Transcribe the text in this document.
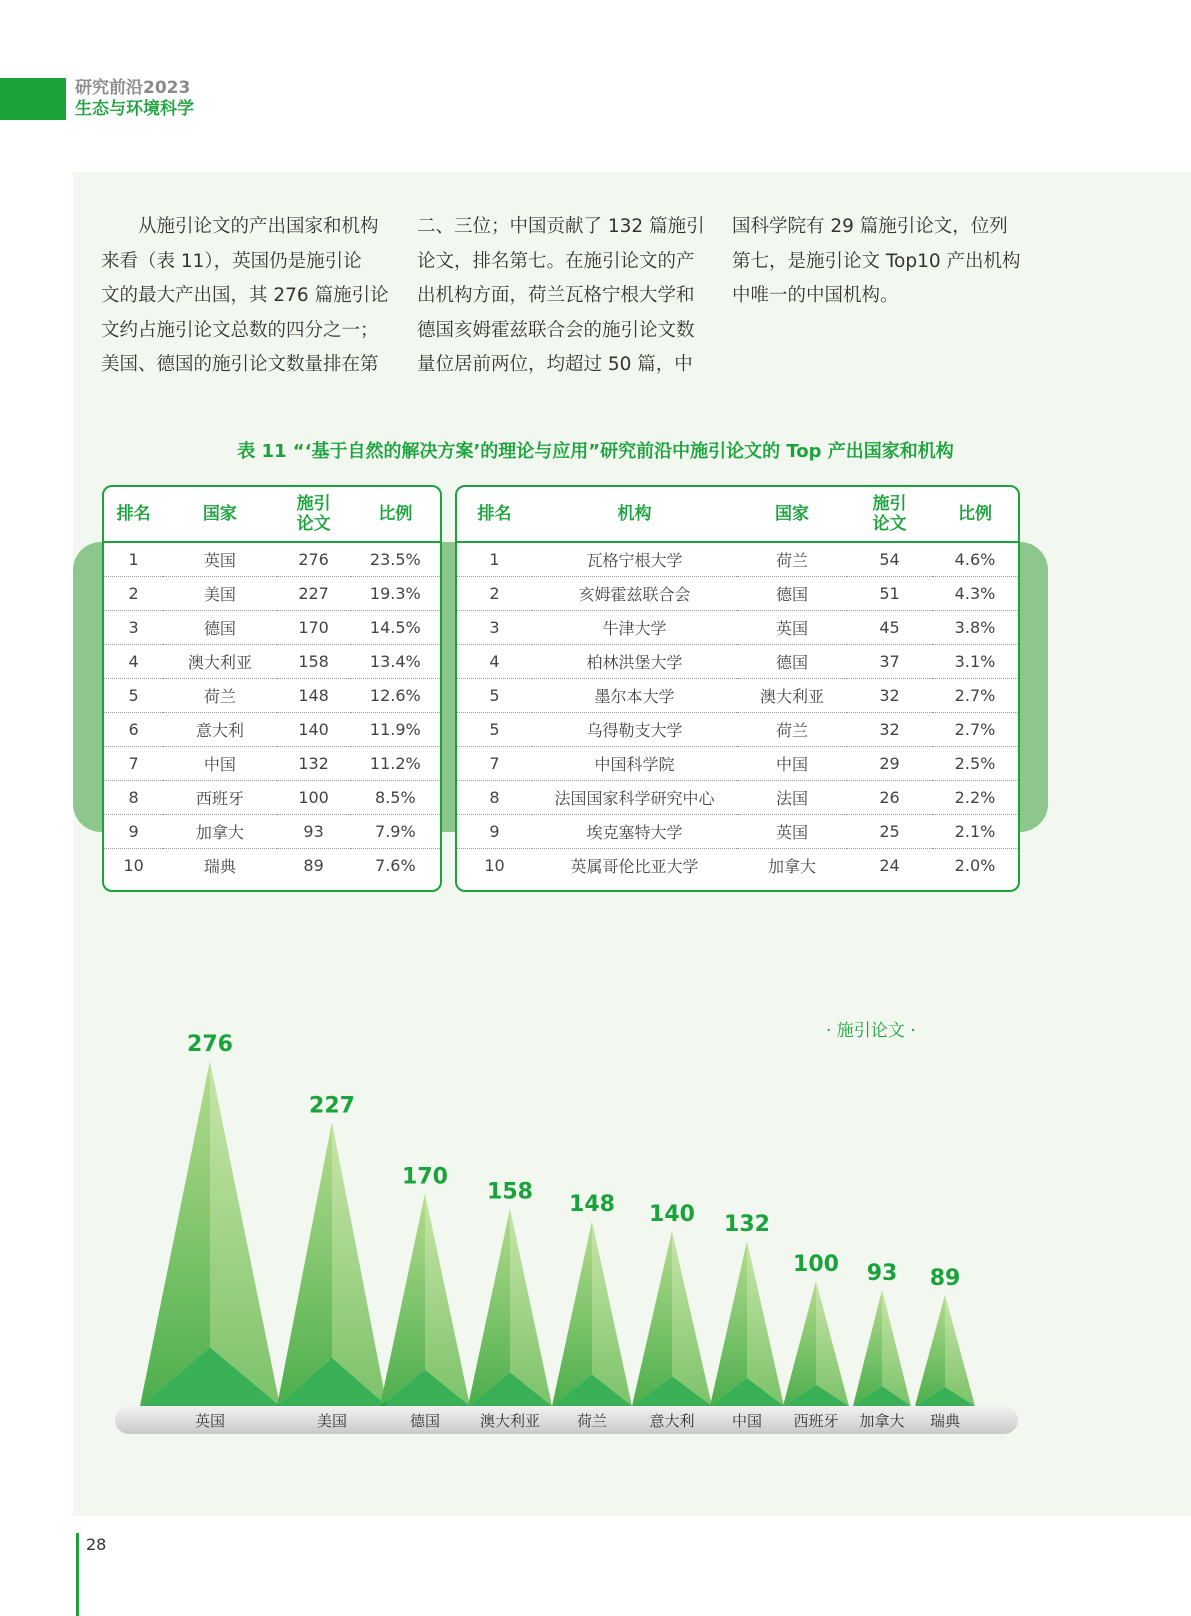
研究前沿2023
生态与环境科学
从施引论文的产出国家和机构
来看（表 11），英国仍是施引论
文的最大产出国，其 276 篇施引论
文约占施引论文总数的四分之一；
美国、德国的施引论文数量排在第
二、三位；中国贡献了 132 篇施引
论文，排名第七。在施引论文的产
出机构方面，荷兰瓦格宁根大学和
德国亥姆霍兹联合会的施引论文数
量位居前两位，均超过 50 篇，中
国科学院有 29 篇施引论文，位列
第七，是施引论文 Top10 产出机构
中唯一的中国机构。
表 11 “‘基于自然的解决方案’的理论与应用”研究前沿中施引论文的 Top 产出国家和机构
排名	国家	施引
论文	比例
1	英国	276	23.5%
2	美国	227	19.3%
3	德国	170	14.5%
4	澳大利亚	158	13.4%
5	荷兰	148	12.6%
6	意大利	140	11.9%
7	中国	132	11.2%
8	西班牙	100	8.5%
9	加拿大	93	7.9%
10	瑞典	89	7.6%
排名	机构	国家	施引
论文	比例
1	瓦格宁根大学	荷兰	54	4.6%
2	亥姆霍兹联合会	德国	51	4.3%
3	牛津大学	英国	45	3.8%
4	柏林洪堡大学	德国	37	3.1%
5	墨尔本大学	澳大利亚	32	2.7%
5	乌得勒支大学	荷兰	32	2.7%
7	中国科学院	中国	29	2.5%
8	法国国家科学研究中心	法国	26	2.2%
9	埃克塞特大学	英国	25	2.1%
10	英属哥伦比亚大学	加拿大	24	2.0%
· 施引论文 ·
276
英国
227
美国
170
德国
158
澳大利亚
148
荷兰
140
意大利
132
中国
100
西班牙
93
加拿大
89
瑞典
28
